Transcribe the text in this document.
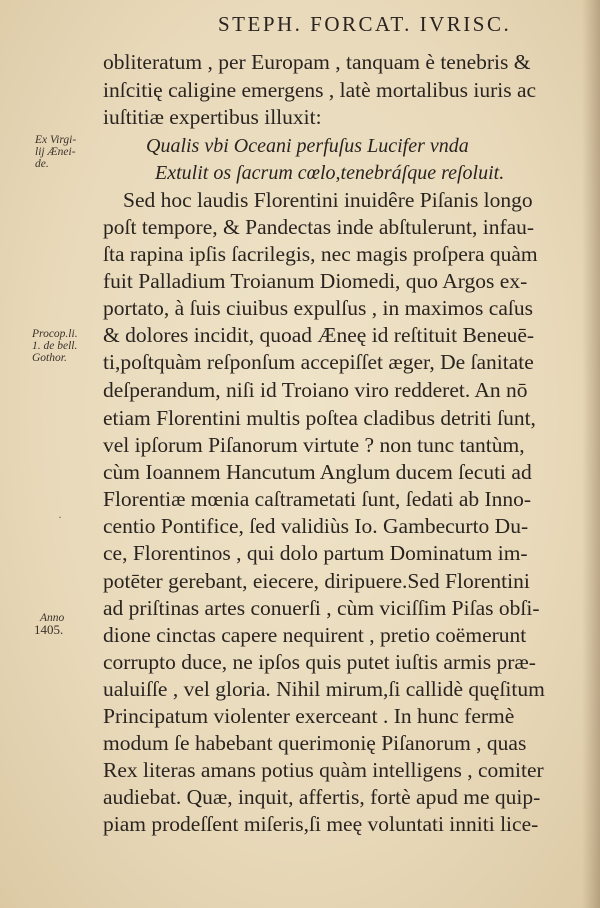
STEPH. FORCAT. IVRISC.
obliteratum , per Europam , tanquam è tenebris &
inſcitię caligine emergens , latè mortalibus iuris ac
iuſtitiæ expertibus illuxit:
Qualis vbi Oceani perfuſus Lucifer vnda
Extulit os ſacrum cœlo,tenebráſque reſoluit.
Sed hoc laudis Florentini inuidêre Piſanis longo
poſt tempore, & Pandectas inde abſtulerunt, infau-
ſta rapina ipſis ſacrilegis, nec magis proſpera quàm
fuit Palladium Troianum Diomedi, quo Argos ex-
portato, à ſuis ciuibus expulſus , in maximos caſus
& dolores incidit, quoad Æneę id reſtituit Beneuē-
ti,poſtquàm reſponſum accepiſſet æger, De ſanitate
deſperandum, niſi id Troiano viro redderet. An nō
etiam Florentini multis poſtea cladibus detriti ſunt,
vel ipſorum Piſanorum virtute ? non tunc tantùm,
cùm Ioannem Hancutum Anglum ducem ſecuti ad
Florentiæ mœnia caſtrametati ſunt, ſedati ab Inno-
centio Pontifice, ſed validiùs Io. Gambecurto Du-
ce, Florentinos , qui dolo partum Dominatum im-
potēter gerebant, eiecere, diripuere.Sed Florentini
ad priſtinas artes conuerſi , cùm viciſſim Piſas obſi-
dione cinctas capere nequirent , pretio coëmerunt
corrupto duce, ne ipſos quis putet iuſtis armis præ-
ualuiſſe , vel gloria. Nihil mirum,ſi callidè quęſitum
Principatum violenter exerceant . In hunc fermè
modum ſe habebant querimonię Piſanorum , quas
Rex literas amans potius quàm intelligens , comiter
audiebat. Quæ, inquit, affertis, fortè apud me quip-
piam prodeſſent miſeris,ſi meę voluntati inniti lice-
Ex Virgi-
lij Ænei-
de.
Procop.li.
1. de bell.
Gothor.
Anno
1405.
·
